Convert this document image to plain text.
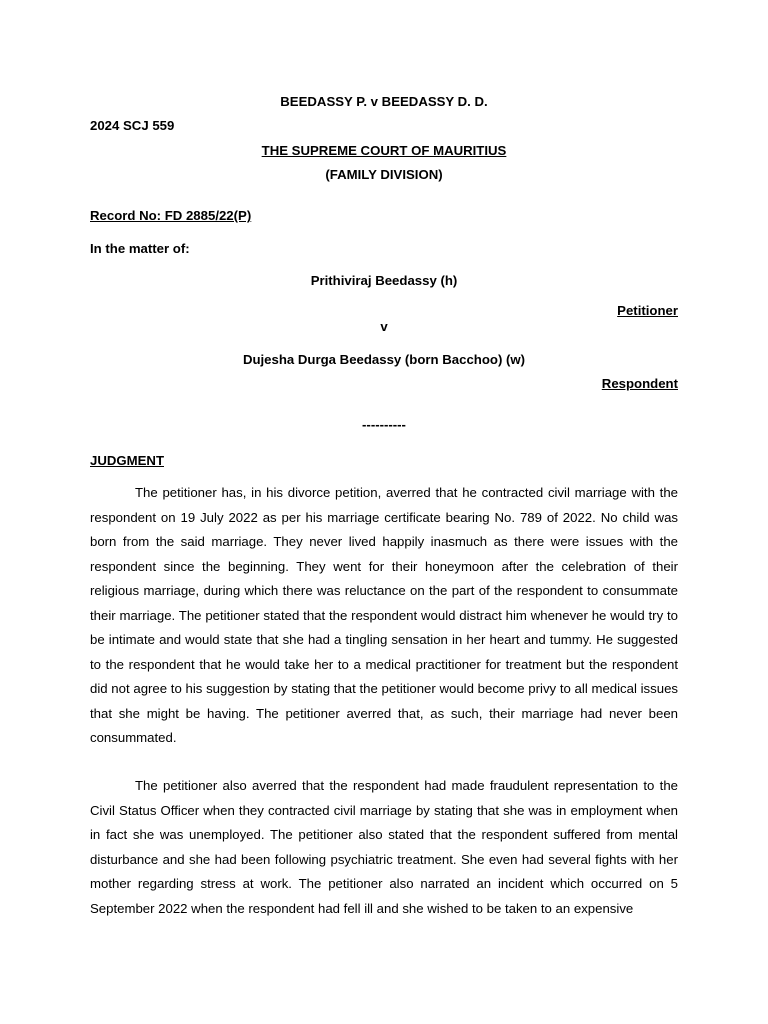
BEEDASSY P. v BEEDASSY D. D.
2024 SCJ 559
THE SUPREME COURT OF MAURITIUS
(FAMILY DIVISION)
Record No: FD 2885/22(P)
In the matter of:
Prithiviraj Beedassy (h)
Petitioner
v
Dujesha Durga Beedassy (born Bacchoo) (w)
Respondent
----------
JUDGMENT

The petitioner has, in his divorce petition, averred that he contracted civil marriage with the respondent on 19 July 2022 as per his marriage certificate bearing No. 789 of 2022. No child was born from the said marriage. They never lived happily inasmuch as there were issues with the respondent since the beginning. They went for their honeymoon after the celebration of their religious marriage, during which there was reluctance on the part of the respondent to consummate their marriage. The petitioner stated that the respondent would distract him whenever he would try to be intimate and would state that she had a tingling sensation in her heart and tummy. He suggested to the respondent that he would take her to a medical practitioner for treatment but the respondent did not agree to his suggestion by stating that the petitioner would become privy to all medical issues that she might be having. The petitioner averred that, as such, their marriage had never been consummated.

The petitioner also averred that the respondent had made fraudulent representation to the Civil Status Officer when they contracted civil marriage by stating that she was in employment when in fact she was unemployed. The petitioner also stated that the respondent suffered from mental disturbance and she had been following psychiatric treatment. She even had several fights with her mother regarding stress at work. The petitioner also narrated an incident which occurred on 5 September 2022 when the respondent had fell ill and she wished to be taken to an expensive
